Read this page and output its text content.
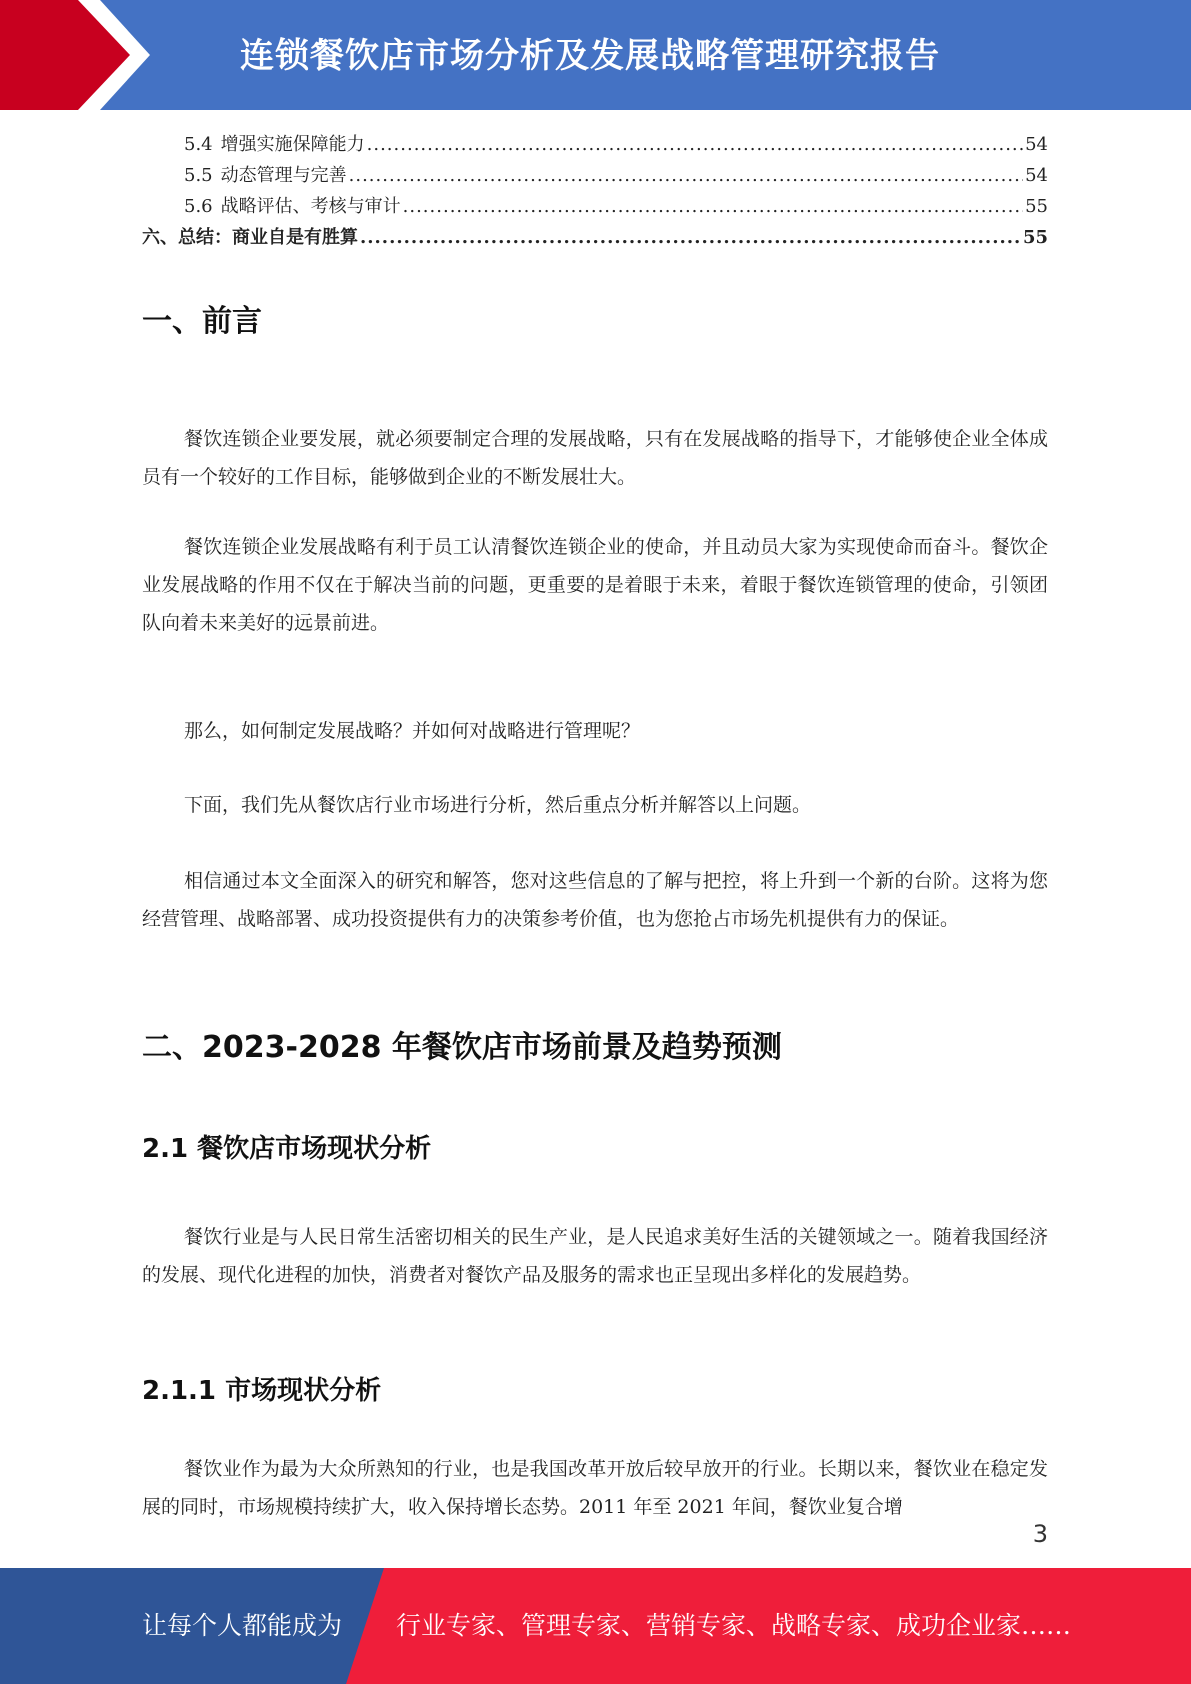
连锁餐饮店市场分析及发展战略管理研究报告
5.4 增强实施保障能力 .....	54
5.5 动态管理与完善 .....	54
5.6 战略评估、考核与审计 .....	55
六、总结：商业自是有胜算 .....	55
一、前言
餐饮连锁企业要发展，就必须要制定合理的发展战略，只有在发展战略的指导下，才能够使企业全体成员有一个较好的工作目标，能够做到企业的不断发展壮大。
餐饮连锁企业发展战略有利于员工认清餐饮连锁企业的使命，并且动员大家为实现使命而奋斗。餐饮企业发展战略的作用不仅在于解决当前的问题，更重要的是着眼于未来，着眼于餐饮连锁管理的使命，引领团队向着未来美好的远景前进。
那么，如何制定发展战略？并如何对战略进行管理呢？
下面，我们先从餐饮店行业市场进行分析，然后重点分析并解答以上问题。
相信通过本文全面深入的研究和解答，您对这些信息的了解与把控，将上升到一个新的台阶。这将为您经营管理、战略部署、成功投资提供有力的决策参考价值，也为您抢占市场先机提供有力的保证。
二、2023-2028 年餐饮店市场前景及趋势预测
2.1 餐饮店市场现状分析
餐饮行业是与人民日常生活密切相关的民生产业，是人民追求美好生活的关键领域之一。随着我国经济的发展、现代化进程的加快，消费者对餐饮产品及服务的需求也正呈现出多样化的发展趋势。
2.1.1 市场现状分析
餐饮业作为最为大众所熟知的行业，也是我国改革开放后较早放开的行业。长期以来，餐饮业在稳定发展的同时，市场规模持续扩大，收入保持增长态势。2011 年至 2021 年间，餐饮业复合增
3
让每个人都能成为 行业专家、管理专家、营销专家、战略专家、成功企业家……
